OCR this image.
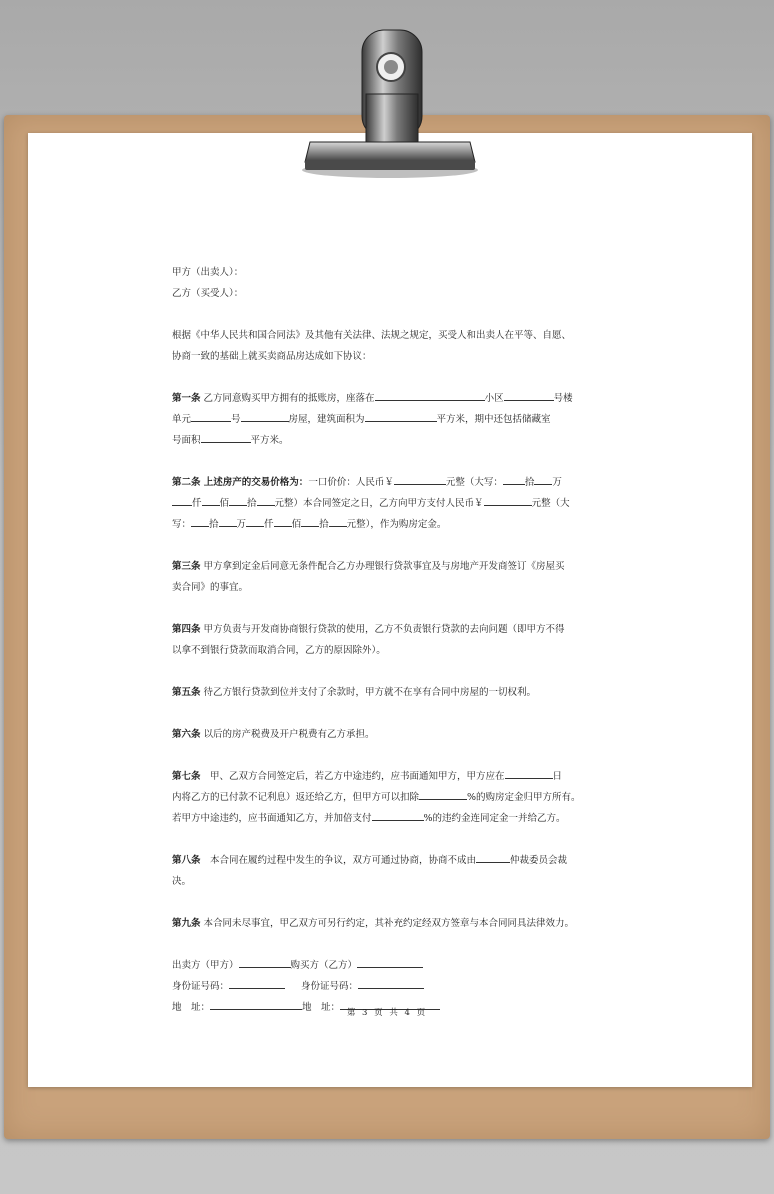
甲方（出卖人）：

乙方（买受人）：

根据《中华人民共和国合同法》及其他有关法律、法规之规定，买受人和出卖人在平等、自愿、

协商一致的基础上就买卖商品房达成如下协议：

第一条 乙方同意购买甲方拥有的抵账房，座落在	小区	号楼

单元	号	房屋，建筑面积为	平方米，期中还包括储藏室

号面积	平方米。

第二条 上述房产的交易价格为：一口价价：人民币￥	元整（大写： 拾 万

仟 佰 拾 元整）本合同签定之日，乙方向甲方支付人民币￥	元整（大

写： 拾 万 仟 佰 拾 元整），作为购房定金。

第三条 甲方拿到定金后同意无条件配合乙方办理银行贷款事宜及与房地产开发商签订《房屋买

卖合同》的事宜。

第四条 甲方负责与开发商协商银行贷款的使用，乙方不负责银行贷款的去向问题（即甲方不得

以拿不到银行贷款而取消合同，乙方的原因除外）。

第五条 待乙方银行贷款到位并支付了余款时，甲方就不在享有合同中房屋的一切权利。

第六条 以后的房产税费及开户税费有乙方承担。

第七条　 甲、乙双方合同签定后，若乙方中途违约，应书面通知甲方，甲方应在	日

内将乙方的已付款不记利息）返还给乙方，但甲方可以扣除	%的购房定金归甲方所有。

若甲方中途违约，应书面通知乙方，并加倍支付	%的违约金连同定金一并给乙方。

第八条　 本合同在履约过程中发生的争议，双方可通过协商，协商不成由	仲裁委员会裁

决。

第九条 本合同未尽事宜，甲乙双方可另行约定，其补充约定经双方签章与本合同同具法律效力。

出卖方（甲方）	购买方（乙方）

身份证号码：	身份证号码：

地　址：	地　址： 第 3 页 共 4 页
